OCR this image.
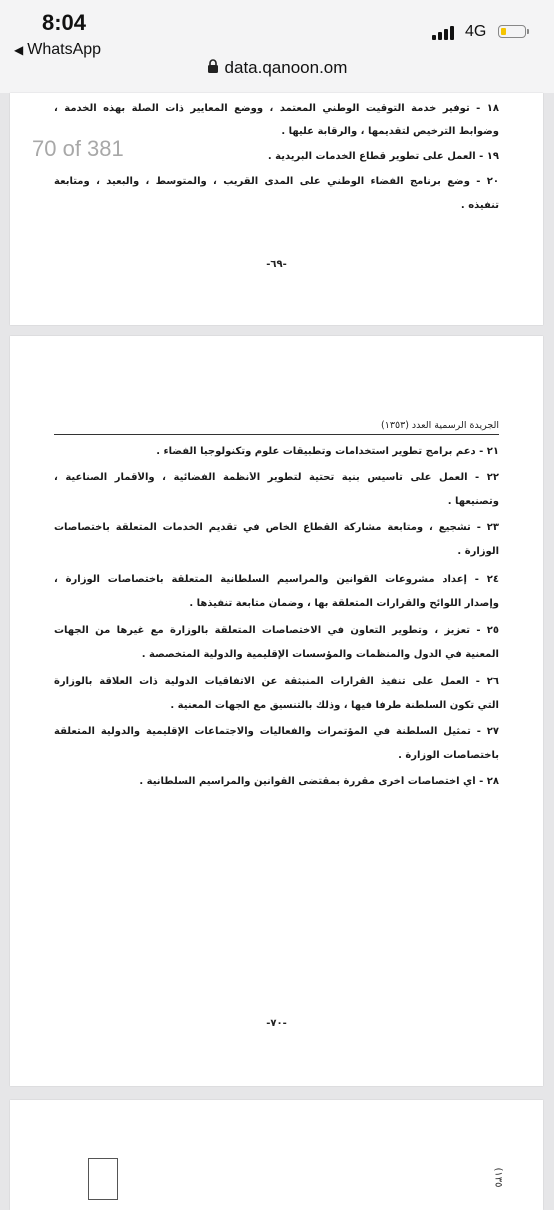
8:04
◀ WhatsApp
4G
data.qanoon.om
١٨ - توفير خدمة التوقيت الوطني المعتمد ، ووضع المعايير ذات الصلة بهذه الخدمة ،
وضوابط الترخيص لتقديمها ، والرقابة عليها .
١٩ - العمل على تطوير قطاع الخدمات البريدية .
٢٠ - وضع برنامج الفضاء الوطني على المدى القريب ، والمتوسط ، والبعيد ، ومتابعة
تنفيذه .
-٦٩-
70 of 381
الجريدة الرسمية العدد (١٣٥٣)
٢١ - دعم برامج تطوير استخدامات وتطبيقات علوم وتكنولوجيا الفضاء .
٢٢ - العمل على تأسيس بنية تحتية لتطوير الأنظمة الفضائية ، والأقمار الصناعية ،
وتصنيعها .
٢٣ - تشجيع ، ومتابعة مشاركة القطاع الخاص في تقديم الخدمات المتعلقة باختصاصات
الوزارة .
٢٤ - إعداد مشروعات القوانين والمراسيم السلطانية المتعلقة باختصاصات الوزارة ،
وإصدار اللوائح والقرارات المتعلقة بها ، وضمان متابعة تنفيذها .
٢٥ - تعزيز ، وتطوير التعاون في الاختصاصات المتعلقة بالوزارة مع غيرها من الجهات
المعنية في الدول والمنظمات والمؤسسات الإقليمية والدولية المتخصصة .
٢٦ - العمل على تنفيذ القرارات المنبثقة عن الاتفاقيات الدولية ذات العلاقة بالوزارة
التي تكون السلطنة طرفا فيها ، وذلك بالتنسيق مع الجهات المعنية .
٢٧ - تمثيل السلطنة في المؤتمرات والفعاليات والاجتماعات الإقليمية والدولية المتعلقة
باختصاصات الوزارة .
٢٨ - أي اختصاصات أخرى مقررة بمقتضى القوانين والمراسيم السلطانية .
-٧٠-
(١٣٥
